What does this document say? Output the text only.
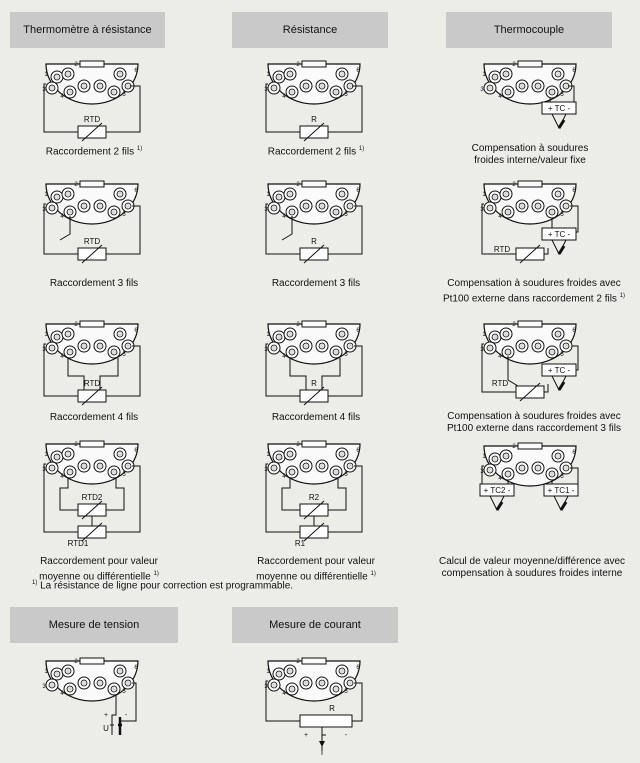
Thermomètre à résistance	Résistance	Thermocouple
Mesure de tension	Mesure de courant
1
2
6
3
4	5
RTD
1
2
6
3
4	5
RTD
1
2
6
3
4	5
RTD
1
2
6
3
4	5
RTD2
RTD1
1
2
6
3
4	5
R
1
2
6
3
4	5
R
1
2
6
3
4	5
R
1
2
6
3
4	5
R2
R1
1
2
6
3
4	5
+ TC -
1
2
6
3
4	5
+ TC -
RTD
1
2
6
3
4	5
+ TC -
RTD
1
2
6
3
4	5
+ TC2 -	+ TC1 -
1
2
6
3
4	5
+ -
U
1
2
6
3
4	5
R
+	-
I
Raccordement 2 fils $^{1)}$
Raccordement 3 fils
Raccordement 4 fils
Raccordement pour valeur
moyenne ou différentielle $^{1)}$
Raccordement 2 fils $^{1)}$
Raccordement 3 fils
Raccordement 4 fils
Raccordement pour valeur
moyenne ou différentielle $^{1)}$
Compensation à soudures
froides interne/valeur fixe
Compensation à soudures froides avec
Pt100 externe dans raccordement 2 fils $^{1)}$
Compensation à soudures froides avec
Pt100 externe dans raccordement 3 fils
Calcul de valeur moyenne/différence avec
compensation à soudures froides interne
$^{1)}$ La résistance de ligne pour correction est programmable.
